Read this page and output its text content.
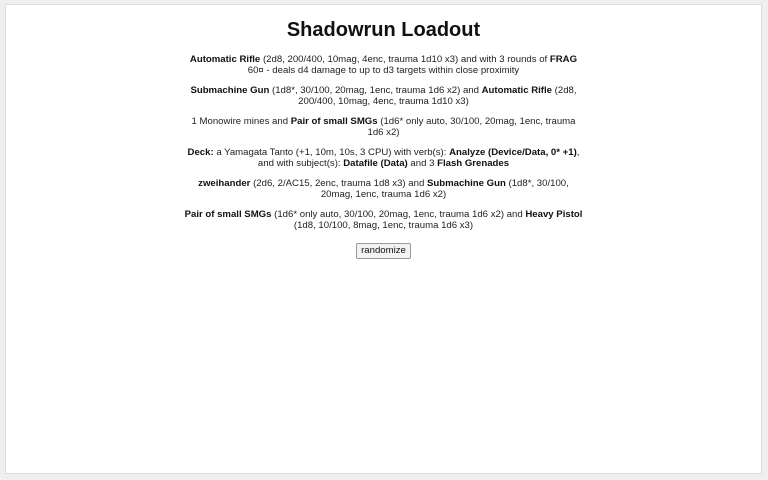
Shadowrun Loadout

Automatic Rifle (2d8, 200/400, 10mag, 4enc, trauma 1d10 x3) and with 3 rounds of FRAG 60¤ - deals d4 damage to up to d3 targets within close proximity

Submachine Gun (1d8*, 30/100, 20mag, 1enc, trauma 1d6 x2) and Automatic Rifle (2d8, 200/400, 10mag, 4enc, trauma 1d10 x3)

1 Monowire mines and Pair of small SMGs (1d6* only auto, 30/100, 20mag, 1enc, trauma 1d6 x2)

Deck: a Yamagata Tanto (+1, 10m, 10s, 3 CPU) with verb(s): Analyze (Device/Data, 0* +1), and with subject(s): Datafile (Data) and 3 Flash Grenades

zweihander (2d6, 2/AC15, 2enc, trauma 1d8 x3) and Submachine Gun (1d8*, 30/100, 20mag, 1enc, trauma 1d6 x2)

Pair of small SMGs (1d6* only auto, 30/100, 20mag, 1enc, trauma 1d6 x2) and Heavy Pistol (1d8, 10/100, 8mag, 1enc, trauma 1d6 x3)

randomize
